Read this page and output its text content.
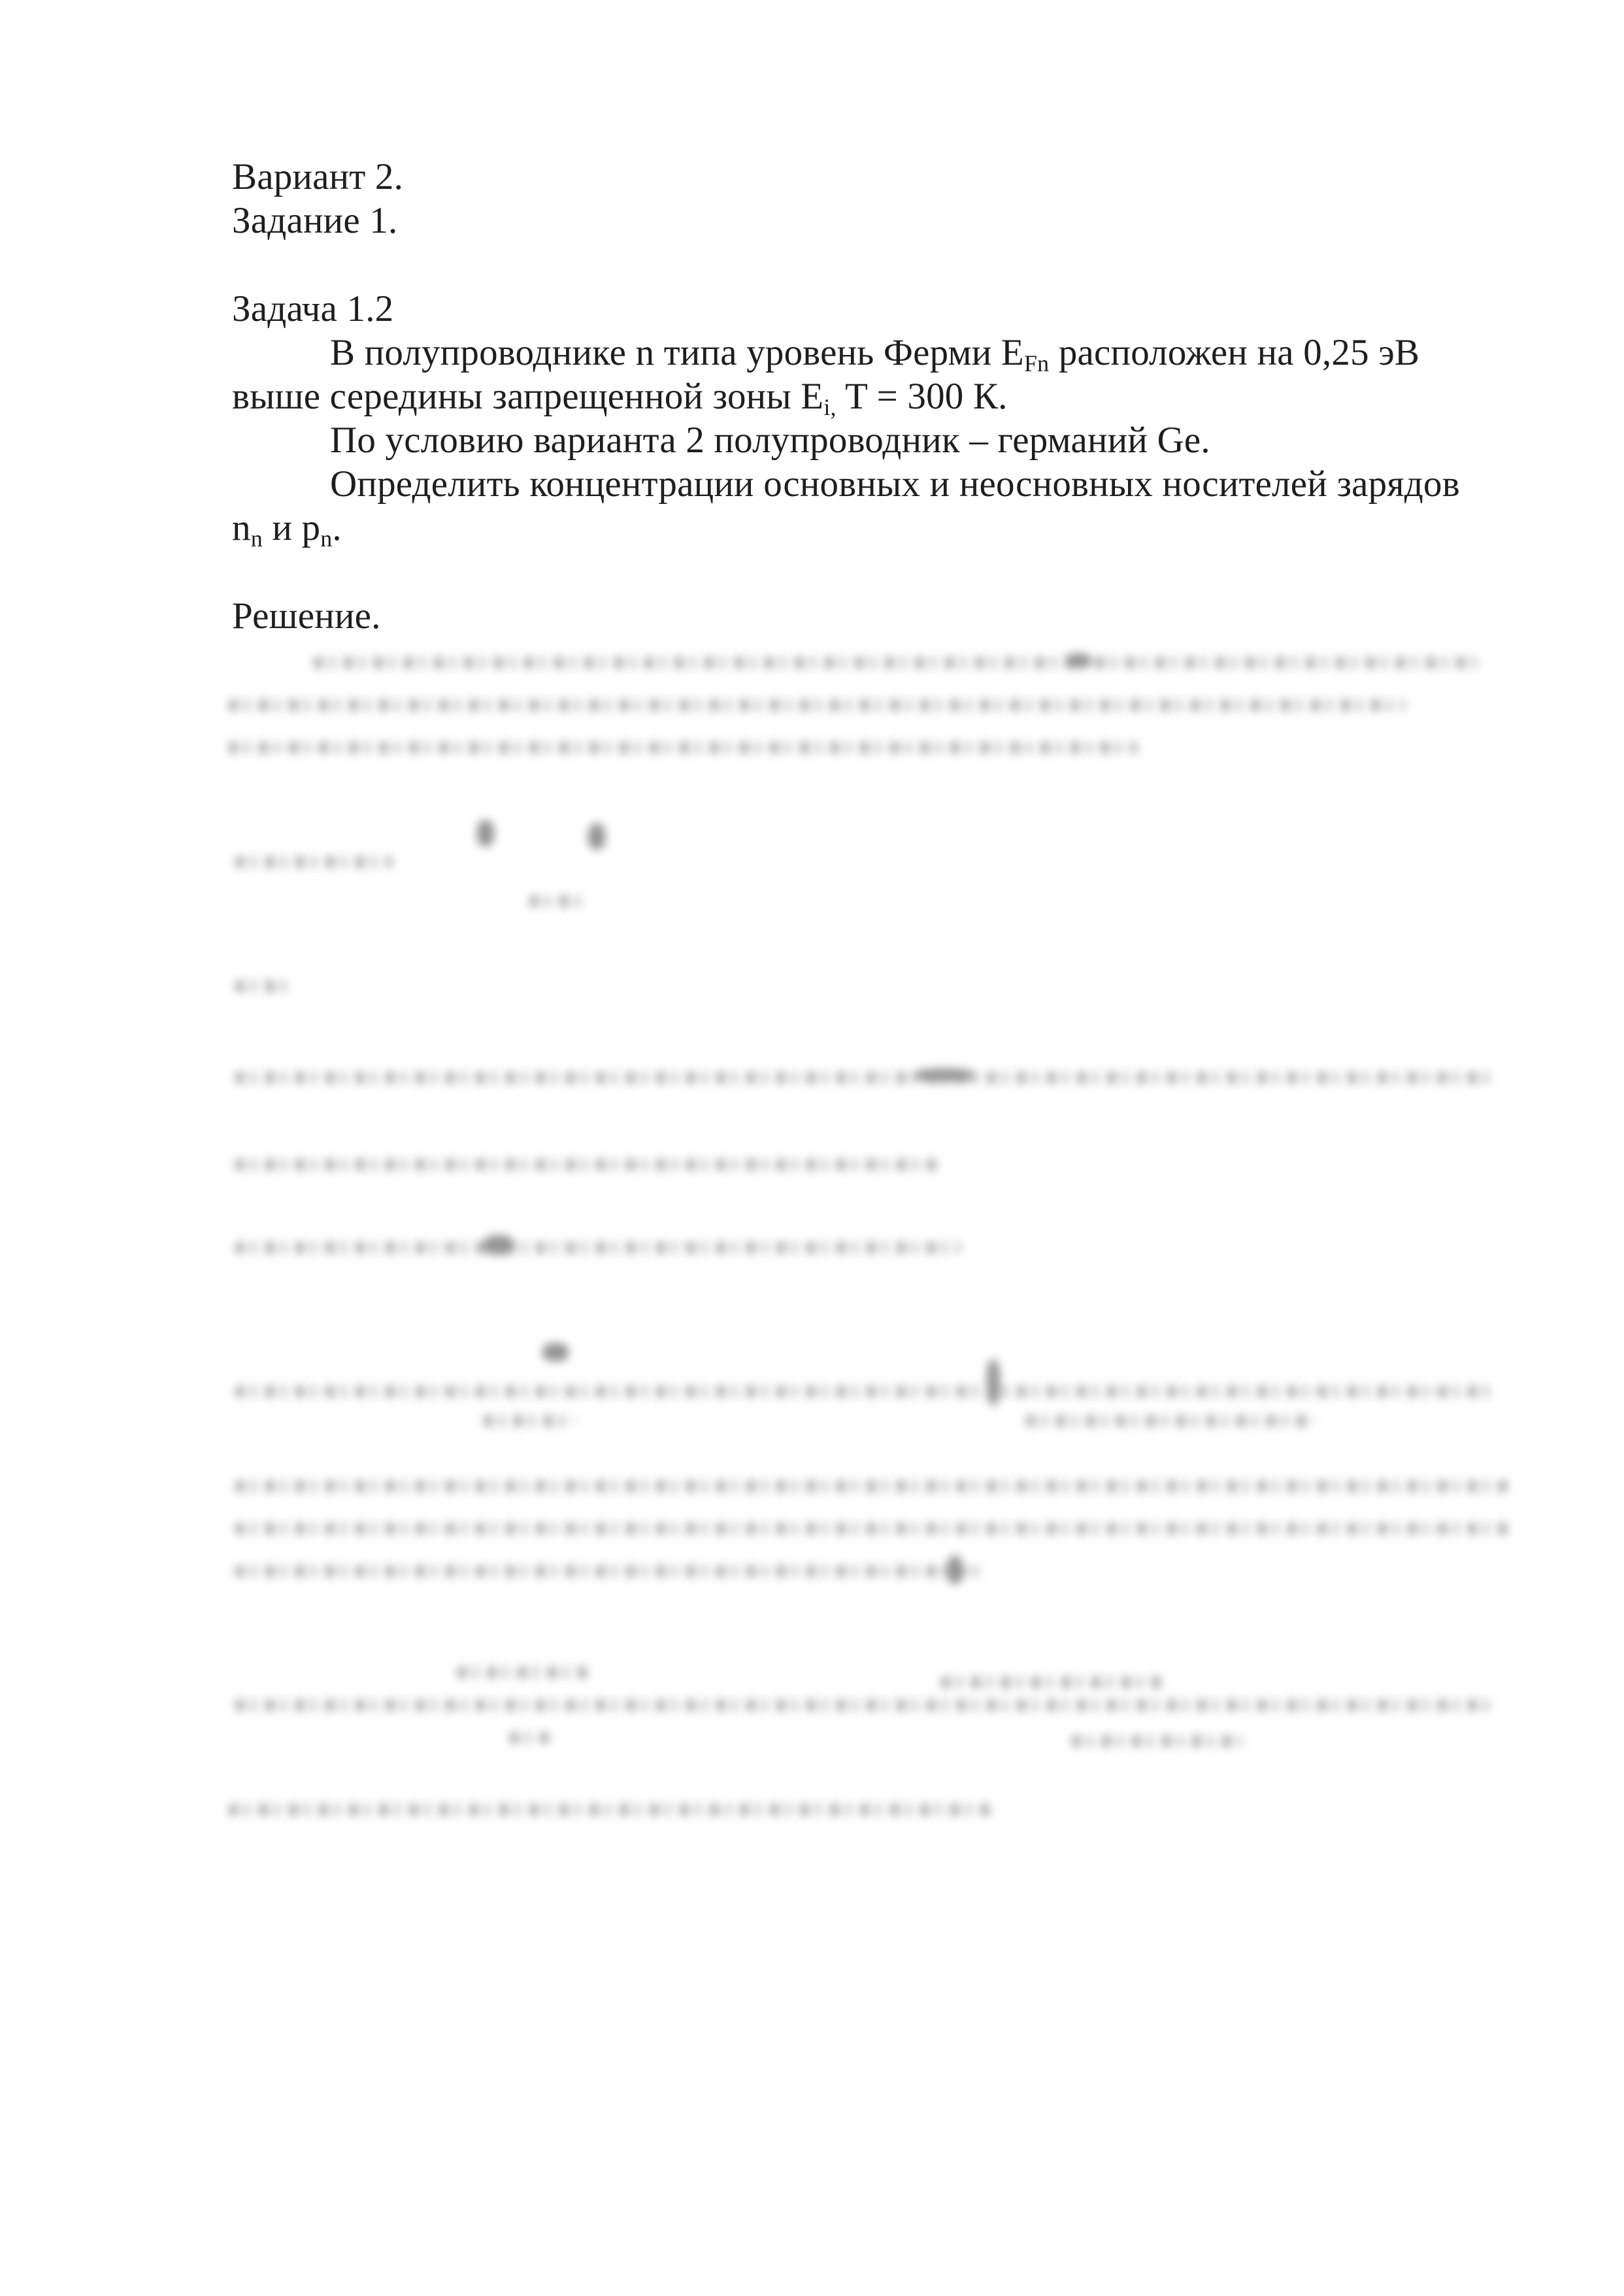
Вариант 2.
Задание 1.
Задача 1.2
В полупроводнике n типа уровень Ферми $E_{Fn}$ расположен на 0,25 эВ
выше середины запрещенной зоны $E_{i,}$ T = 300 К.
По условию варианта 2 полупроводник – германий Ge.
Определить концентрации основных и неосновных носителей зарядов
$n_n$ и $p_n$.
Решение.
